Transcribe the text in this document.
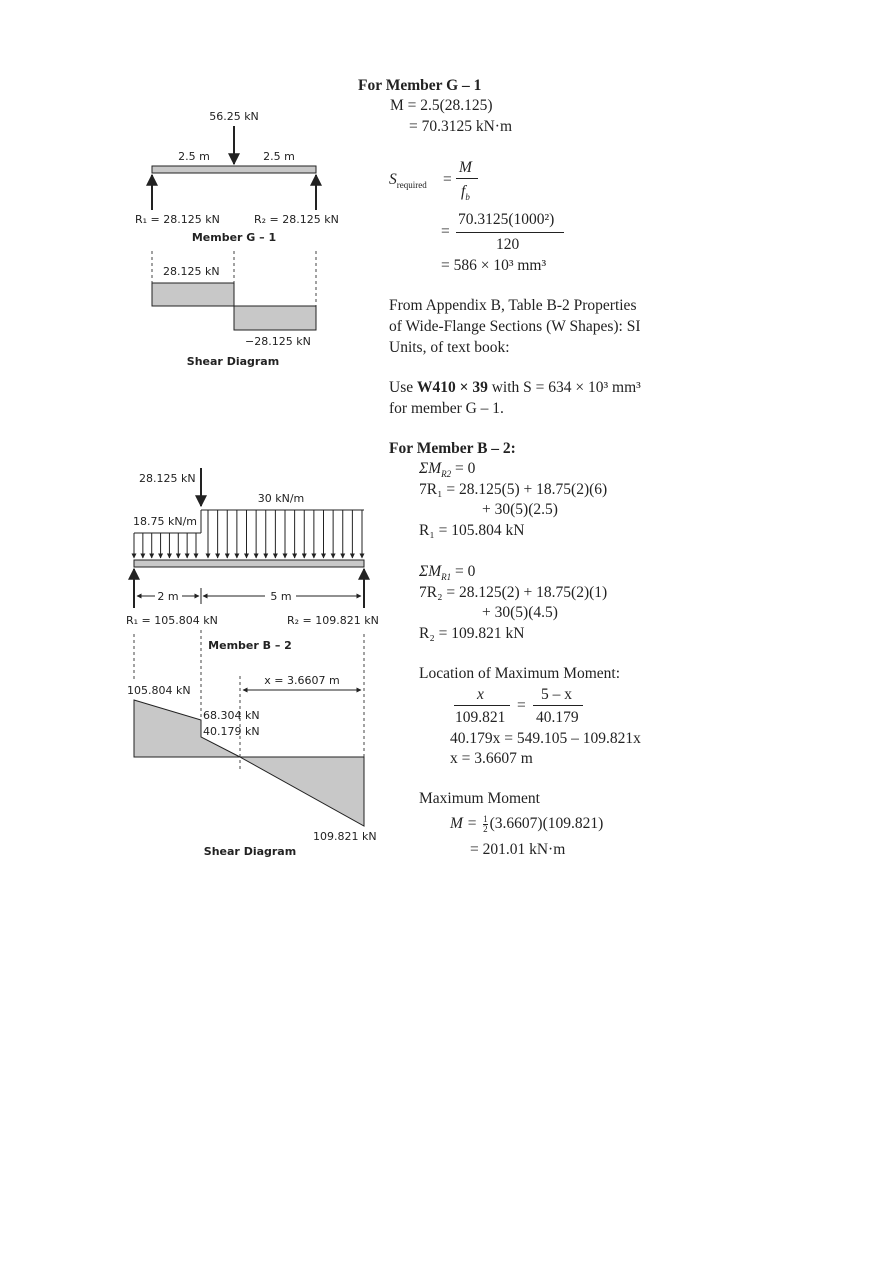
56.25 kN
2.5 m	2.5 m
R₁ = 28.125 kN	R₂ = 28.125 kN
Member G – 1
28.125 kN
−28.125 kN
Shear Diagram
28.125 kN
30 kN/m
18.75 kN/m
2 m	5 m
R₁ = 105.804 kN	R₂ = 109.821 kN
Member B – 2
x = 3.6607 m
105.804 kN
68.304 kN
40.179 kN
109.821 kN
Shear Diagram
For Member G – 1
M = 2.5(28.125)
= 70.3125 kN·m
$S_{required}$ =
M
$f_b$
=
70.3125(1000²)
120
= 586 × 10³ mm³
From Appendix B, Table B-2 Properties
of Wide-Flange Sections (W Shapes): SI
Units, of text book:
Use W410 × 39 with S = 634 × 10³ mm³
for member G – 1.
For Member B – 2:
$\Sigma M_{R2} = 0$
7R₁ = 28.125(5) + 18.75(2)(6)
+ 30(5)(2.5)
R₁ = 105.804 kN
$\Sigma M_{R1} = 0$
7R₂ = 28.125(2) + 18.75(2)(1)
+ 30(5)(4.5)
R₂ = 109.821 kN
Location of Maximum Moment:
x
109.821
=
5 – x
40.179
40.179x = 549.105 – 109.821x
x = 3.6607 m
Maximum Moment
$M = \frac{1}{2} (3.6607)(109.821)$
= 201.01 kN·m
